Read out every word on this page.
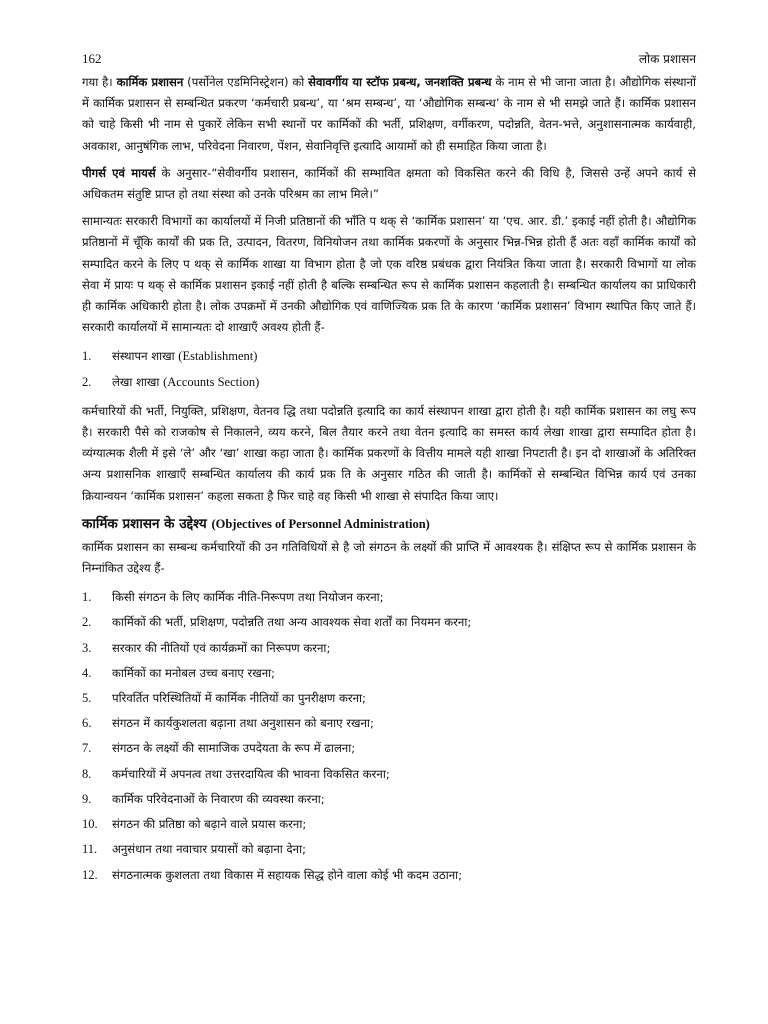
162	लोक प्रशासन

गया है। कार्मिक प्रशासन (पर्सोनेल एडमिनिस्ट्रेशन) को सेवावर्गीय या स्टॉफ प्रबन्ध, जनशक्ति प्रबन्ध के नाम से भी जाना जाता है। औद्योगिक संस्थानों में कार्मिक प्रशासन से सम्बन्धित प्रकरण ‘कर्मचारी प्रबन्ध’, या ‘श्रम सम्बन्ध’, या ‘औद्योगिक सम्बन्ध’ के नाम से भी समझे जाते हैं। कार्मिक प्रशासन को चाहे किसी भी नाम से पुकारें लेकिन सभी स्थानों पर कार्मिकों की भर्ती, प्रशिक्षण, वर्गीकरण, पदोन्नति, वेतन-भत्ते, अनुशासनात्मक कार्यवाही, अवकाश, आनुषंगिक लाभ, परिवेदना निवारण, पेंशन, सेवानिवृत्ति इत्यादि आयामों को ही समाहित किया जाता है।

पीगर्स एवं मायर्स के अनुसार-“सेवीवर्गीय प्रशासन, कार्मिकों की सम्भावित क्षमता को विकसित करने की विधि है, जिससे उन्हें अपने कार्य से अधिकतम संतुष्टि प्राप्त हो तथा संस्था को उनके परिश्रम का लाभ मिले।”

सामान्यतः सरकारी विभागों का कार्यालयों में निजी प्रतिष्ठानों की भाँति प थक् से ‘कार्मिक प्रशासन’ या ‘एच. आर. डी.’ इकाई नहीं होती है। औद्योगिक प्रतिष्ठानों में चूँकि कार्यों की प्रक ति, उत्पादन, वितरण, विनियोजन तथा कार्मिक प्रकरणों के अनुसार भिन्न-भिन्न होती हैं अतः वहाँ कार्मिक कार्यों को सम्पादित करने के लिए प थक् से कार्मिक शाखा या विभाग होता है जो एक वरिष्ठ प्रबंधक द्वारा नियंत्रित किया जाता है। सरकारी विभागों या लोक सेवा में प्रायः प थक् से कार्मिक प्रशासन इकाई नहीं होती है बल्कि सम्बन्धित रूप से कार्मिक प्रशासन कहलाती है। सम्बन्धित कार्यालय का प्राधिकारी ही कार्मिक अधिकारी होता है। लोक उपक्रमों में उनकी औद्योगिक एवं वाणिज्यिक प्रक ति के कारण ‘कार्मिक प्रशासन’ विभाग स्थापित किए जाते हैं। सरकारी कार्यालयों में सामान्यतः दो शाखाएँ अवश्य होती हैं-

1.	संस्थापन शाखा (Establishment)
2.	लेखा शाखा (Accounts Section)

कर्मचारियों की भर्ती, नियुक्ति, प्रशिक्षण, वेतनव द्धि तथा पदोन्नति इत्यादि का कार्य संस्थापन शाखा द्वारा होती है। यही कार्मिक प्रशासन का लघु रूप है। सरकारी पैसे को राजकोष से निकालने, व्यय करने, बिल तैयार करने तथा वेतन इत्यादि का समस्त कार्य लेखा शाखा द्वारा सम्पादित होता है। व्यंग्यात्मक शैली में इसे ‘ले’ और ‘खा’ शाखा कहा जाता है। कार्मिक प्रकरणों के वित्तीय मामले यही शाखा निपटाती है। इन दो शाखाओं के अतिरिक्त अन्य प्रशासनिक शाखाएँ सम्बन्धित कार्यालय की कार्य प्रक ति के अनुसार गठित की जाती है। कार्मिकों से सम्बन्धित विभिन्न कार्य एवं उनका क्रियान्वयन ‘कार्मिक प्रशासन’ कहला सकता है फिर चाहे वह किसी भी शाखा से संपादित किया जाए।

कार्मिक प्रशासन के उद्देश्य (Objectives of Personnel Administration)

कार्मिक प्रशासन का सम्बन्ध कर्मचारियों की उन गतिविधियों से है जो संगठन के लक्ष्यों की प्राप्ति में आवश्यक है। संक्षिप्त रूप से कार्मिक प्रशासन के निम्नांकित उद्देश्य हैं-

1.	किसी संगठन के लिए कार्मिक नीति-निरूपण तथा नियोजन करना;
2.	कार्मिकों की भर्ती, प्रशिक्षण, पदोन्नति तथा अन्य आवश्यक सेवा शर्तों का नियमन करना;
3.	सरकार की नीतियों एवं कार्यक्रमों का निरूपण करना;
4.	कार्मिकों का मनोबल उच्च बनाए रखना;
5.	परिवर्तित परिस्थितियों में कार्मिक नीतियों का पुनरीक्षण करना;
6.	संगठन में कार्यकुशलता बढ़ाना तथा अनुशासन को बनाए रखना;
7.	संगठन के लक्ष्यों की सामाजिक उपदेयता के रूप में ढालना;
8.	कर्मचारियों में अपनत्व तथा उत्तरदायित्व की भावना विकसित करना;
9.	कार्मिक परिवेदनाओं के निवारण की व्यवस्था करना;
10.	संगठन की प्रतिष्ठा को बढ़ाने वाले प्रयास करना;
11.	अनुसंधान तथा नवाचार प्रयासों को बढ़ाना देना;
12.	संगठनात्मक कुशलता तथा विकास में सहायक सिद्ध होने वाला कोई भी कदम उठाना;
